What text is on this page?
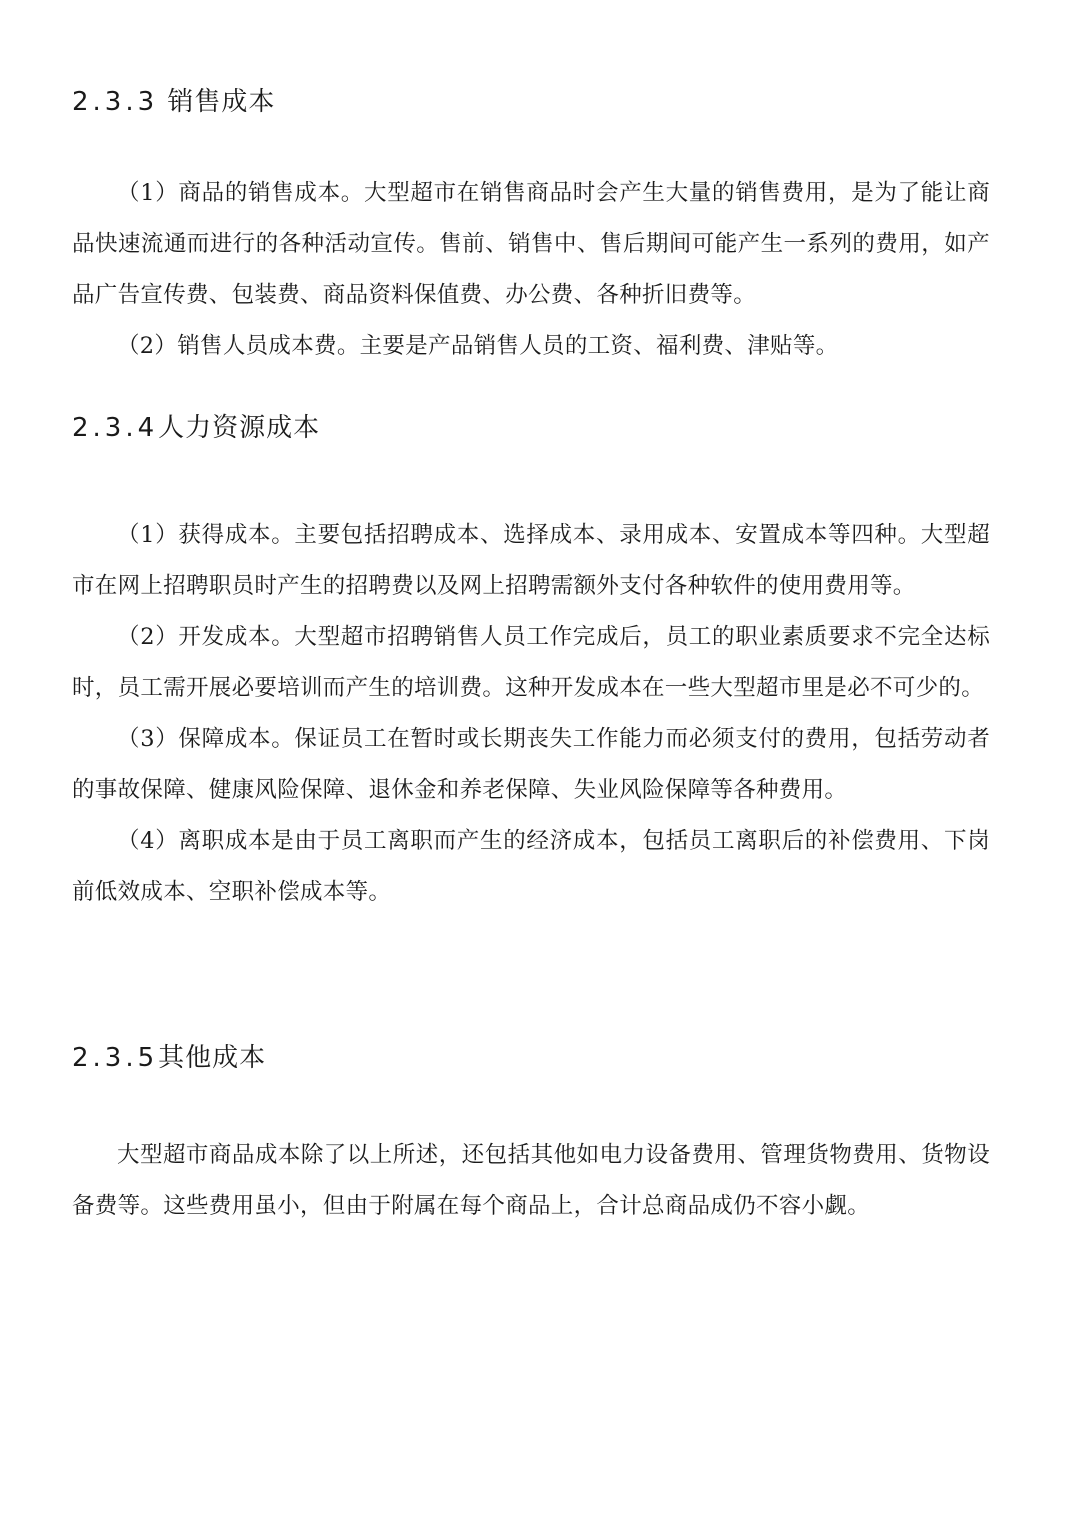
2.3.3 销售成本

（1）商品的销售成本。大型超市在销售商品时会产生大量的销售费用，是为了能让商品快速流通而进行的各种活动宣传。售前、销售中、售后期间可能产生一系列的费用，如产品广告宣传费、包装费、商品资料保值费、办公费、各种折旧费等。

（2）销售人员成本费。主要是产品销售人员的工资、福利费、津贴等。

2.3.4人力资源成本

（1）获得成本。主要包括招聘成本、选择成本、录用成本、安置成本等四种。大型超市在网上招聘职员时产生的招聘费以及网上招聘需额外支付各种软件的使用费用等。

（2）开发成本。大型超市招聘销售人员工作完成后，员工的职业素质要求不完全达标时，员工需开展必要培训而产生的培训费。这种开发成本在一些大型超市里是必不可少的。

（3）保障成本。保证员工在暂时或长期丧失工作能力而必须支付的费用，包括劳动者的事故保障、健康风险保障、退休金和养老保障、失业风险保障等各种费用。

（4）离职成本是由于员工离职而产生的经济成本，包括员工离职后的补偿费用、下岗前低效成本、空职补偿成本等。

2.3.5其他成本

大型超市商品成本除了以上所述，还包括其他如电力设备费用、管理货物费用、货物设备费等。这些费用虽小，但由于附属在每个商品上，合计总商品成仍不容小觑。
